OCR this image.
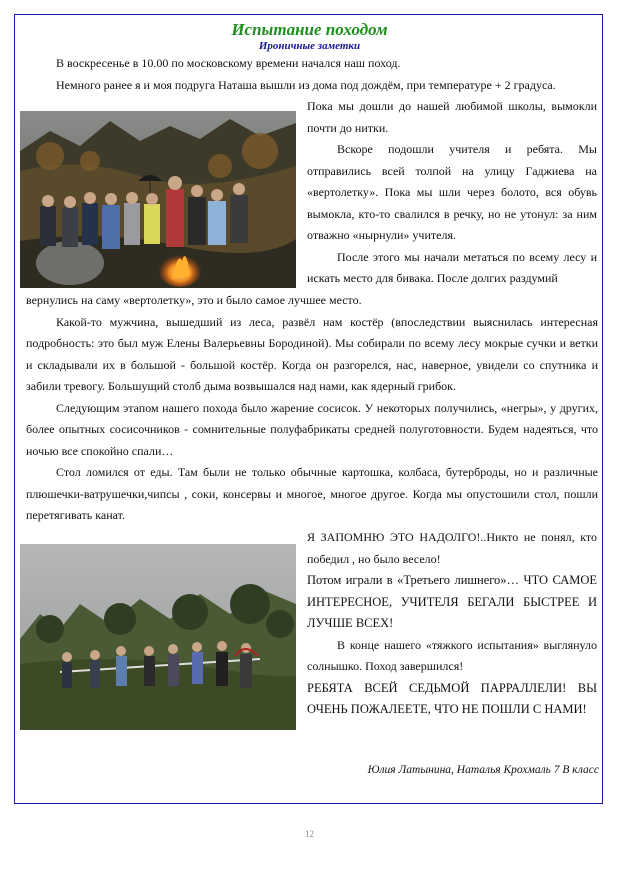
Испытание походом
Ироничные заметки

В воскресенье в 10.00 по московскому времени начался наш поход.

Немного ранее я и моя подруга Наташа вышли из дома под дождём, при температуре + 2 градуса.

Пока мы дошли до нашей любимой школы, вымокли почти до нитки.

Вскоре подошли учителя и ребята. Мы отправились всей толпой на улицу Гаджиева на «вертолетку». Пока мы шли через болото, вся обувь вымокла, кто-то свалился в речку, но не утонул: за ним отважно «нырнули» учителя.

После этого мы начали метаться по всему лесу и искать место для бивака. После долгих раздумий

вернулись на саму «вертолетку», это и было самое лучшее место.

Какой-то мужчина, вышедший из леса, развёл нам костёр (впоследствии выяснилась интересная подробность: это был муж Елены Валерьевны Бородиной). Мы собирали по всему лесу мокрые сучки и ветки и складывали их в большой - большой костёр. Когда он разгорелся, нас, наверное, увидели со спутника и забили тревогу. Большущий столб дыма возвышался над нами, как ядерный грибок.

Следующим этапом нашего похода было жарение сосисок. У некоторых получились, «негры», у других, более опытных сосисочников - сомнительные полуфабрикаты средней полуготовности. Будем надеяться, что ночью все спокойно спали…

Стол ломился от еды. Там были не только обычные картошка, колбаса, бутерброды, но и различные плюшечки-ватрушечки,чипсы , соки, консервы и многое, многое другое. Когда мы опустошили стол, пошли перетягивать канат.

Я ЗАПОМНЮ ЭТО НАДОЛГО!..Никто не понял, кто победил , но было весело!

Потом играли в «Третьего лишнего»… ЧТО САМОЕ ИНТЕРЕСНОЕ, УЧИТЕЛЯ БЕГАЛИ БЫСТРЕЕ И ЛУЧШЕ ВСЕХ!

В конце нашего «тяжкого испытания» выглянуло солнышко. Поход завершился!

РЕБЯТА ВСЕЙ СЕДЬМОЙ ПАРРАЛЛЕЛИ! ВЫ ОЧЕНЬ ПОЖАЛЕЕТЕ, ЧТО НЕ ПОШЛИ С НАМИ!

Юлия Латынина, Наталья Крохмаль 7 В класс
12
